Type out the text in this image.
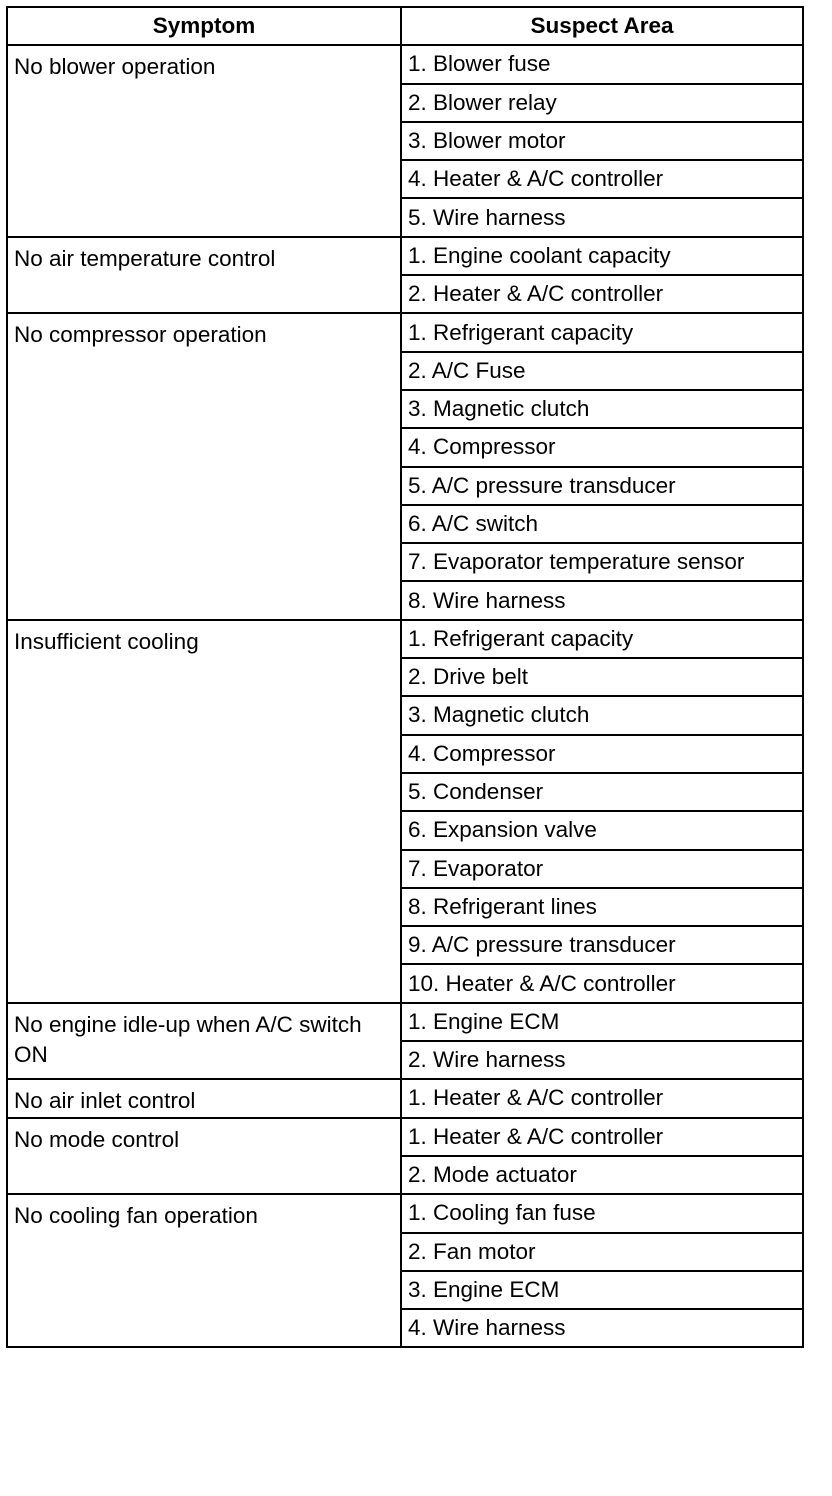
Symptom	Suspect Area
No blower operation	1. Blower fuse
	2. Blower relay
	3. Blower motor
	4. Heater & A/C controller
	5. Wire harness
No air temperature control	1. Engine coolant capacity
	2. Heater & A/C controller
No compressor operation	1. Refrigerant capacity
	2. A/C Fuse
	3. Magnetic clutch
	4. Compressor
	5. A/C pressure transducer
	6. A/C switch
	7. Evaporator temperature sensor
	8. Wire harness
Insufficient cooling	1. Refrigerant capacity
	2. Drive belt
	3. Magnetic clutch
	4. Compressor
	5. Condenser
	6. Expansion valve
	7. Evaporator
	8. Refrigerant lines
	9. A/C pressure transducer
	10. Heater & A/C controller
No engine idle-up when A/C switch ON	1. Engine ECM
	2. Wire harness
No air inlet control	1. Heater & A/C controller
No mode control	1. Heater & A/C controller
	2. Mode actuator
No cooling fan operation	1. Cooling fan fuse
	2. Fan motor
	3. Engine ECM
	4. Wire harness
